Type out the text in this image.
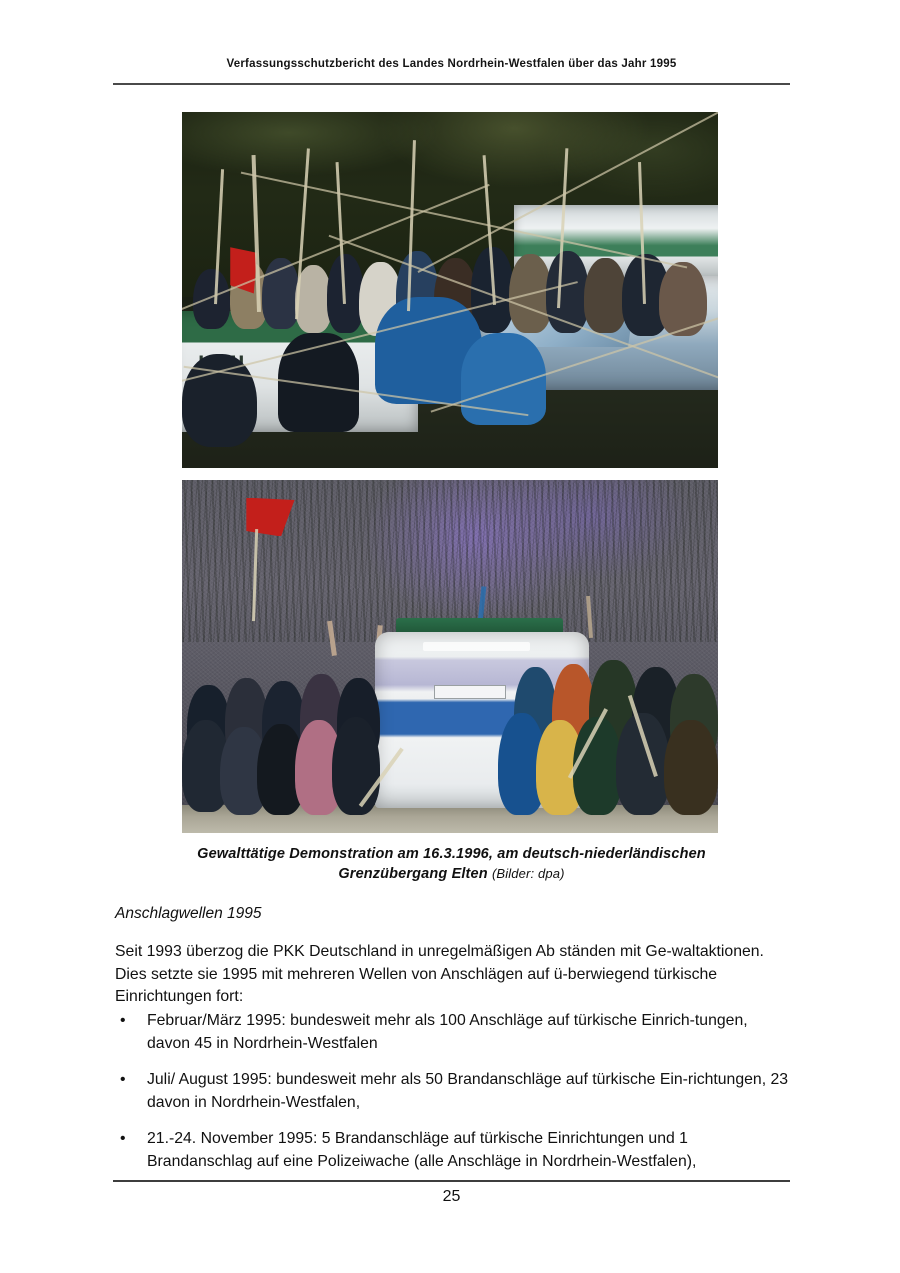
Verfassungsschutzbericht des Landes Nordrhein-Westfalen über das Jahr 1995
Gewalttätige Demonstration am 16.3.1996, am deutsch-niederländischen
Grenzübergang Elten (Bilder: dpa)
Anschlagwellen 1995
Seit 1993 überzog die PKK Deutschland in unregelmäßigen Ab ständen mit Ge-waltaktionen. Dies setzte sie 1995 mit mehreren Wellen von Anschlägen auf ü-berwiegend türkische Einrichtungen fort:
• Februar/März 1995: bundesweit mehr als 100 Anschläge auf türkische Einrich-tungen, davon 45 in Nordrhein-Westfalen
• Juli/ August 1995: bundesweit mehr als 50 Brandanschläge auf türkische Ein-richtungen, 23 davon in Nordrhein-Westfalen,
• 21.-24. November 1995: 5 Brandanschläge auf türkische Einrichtungen und 1 Brandanschlag auf eine Polizeiwache (alle Anschläge in Nordrhein-Westfalen),
25
